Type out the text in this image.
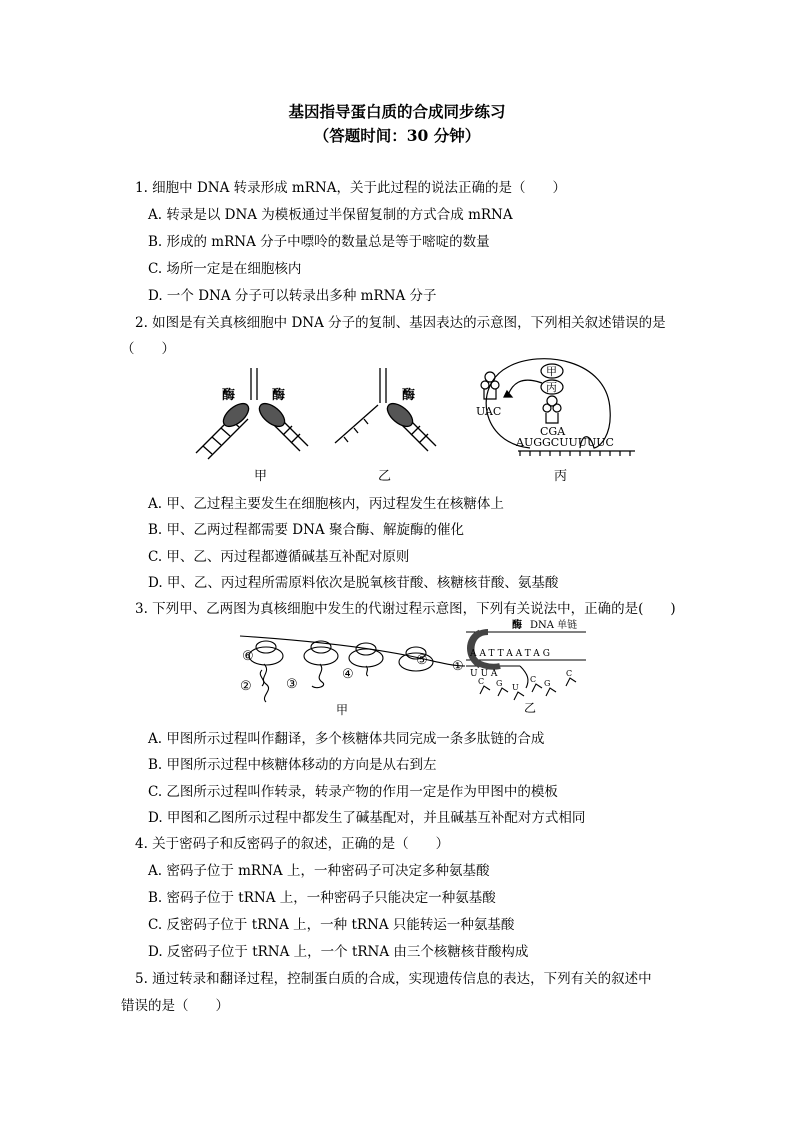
基因指导蛋白质的合成同步练习
（答题时间：30 分钟）
1. 细胞中 DNA 转录形成 mRNA，关于此过程的说法正确的是（　　）
A. 转录是以 DNA 为模板通过半保留复制的方式合成 mRNA
B. 形成的 mRNA 分子中嘌呤的数量总是等于嘧啶的数量
C. 场所一定是在细胞核内
D. 一个 DNA 分子可以转录出多种 mRNA 分子
2. 如图是有关真核细胞中 DNA 分子的复制、基因表达的示意图，下列相关叙述错误的是
（　　）
酶	酶
甲
酶
乙
甲
丙
UAC
CGA
AUGGCUUUUUC
丙
A. 甲、乙过程主要发生在细胞核内，丙过程发生在核糖体上
B. 甲、乙两过程都需要 DNA 聚合酶、解旋酶的催化
C. 甲、乙、丙过程都遵循碱基互补配对原则
D. 甲、乙、丙过程所需原料依次是脱氧核苷酸、核糖核苷酸、氨基酸
3. 下列甲、乙两图为真核细胞中发生的代谢过程示意图，下列有关说法中，正确的是(　　)
⑥
②	③
④
⑤ ①
甲
酶 DNA 单链
AATTAATAG
UUA
C G U
C G
C
乙
A. 甲图所示过程叫作翻译，多个核糖体共同完成一条多肽链的合成
B. 甲图所示过程中核糖体移动的方向是从右到左
C. 乙图所示过程叫作转录，转录产物的作用一定是作为甲图中的模板
D. 甲图和乙图所示过程中都发生了碱基配对，并且碱基互补配对方式相同
4. 关于密码子和反密码子的叙述，正确的是（　　）
A. 密码子位于 mRNA 上，一种密码子可决定多种氨基酸
B. 密码子位于 tRNA 上，一种密码子只能决定一种氨基酸
C. 反密码子位于 tRNA 上，一种 tRNA 只能转运一种氨基酸
D. 反密码子位于 tRNA 上，一个 tRNA 由三个核糖核苷酸构成
5. 通过转录和翻译过程，控制蛋白质的合成，实现遗传信息的表达，下列有关的叙述中
错误的是（　　）
